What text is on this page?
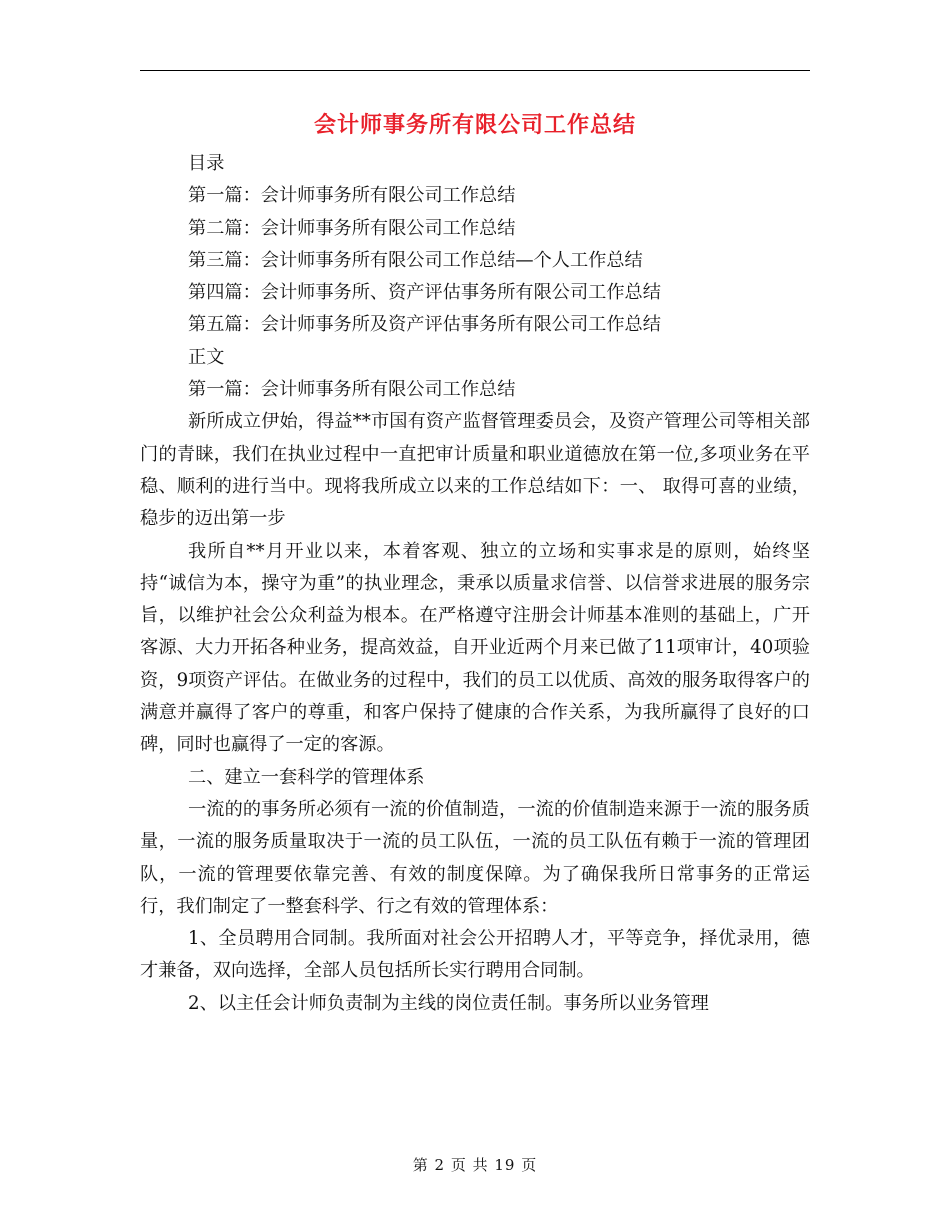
会计师事务所有限公司工作总结

目录

第一篇：会计师事务所有限公司工作总结

第二篇：会计师事务所有限公司工作总结

第三篇：会计师事务所有限公司工作总结—个人工作总结

第四篇：会计师事务所、资产评估事务所有限公司工作总结

第五篇：会计师事务所及资产评估事务所有限公司工作总结

正文

第一篇：会计师事务所有限公司工作总结

新所成立伊始，得益**市国有资产监督管理委员会，及资产管理公司等相关部门的青睐，我们在执业过程中一直把审计质量和职业道德放在第一位,多项业务在平稳、顺利的进行当中。现将我所成立以来的工作总结如下：一、 取得可喜的业绩，稳步的迈出第一步

我所自**月开业以来，本着客观、独立的立场和实事求是的原则，始终坚持“诚信为本，操守为重”的执业理念，秉承以质量求信誉、以信誉求进展的服务宗旨，以维护社会公众利益为根本。在严格遵守注册会计师基本准则的基础上，广开客源、大力开拓各种业务，提高效益，自开业近两个月来已做了11项审计，40项验资，9项资产评估。在做业务的过程中，我们的员工以优质、高效的服务取得客户的满意并赢得了客户的尊重，和客户保持了健康的合作关系，为我所赢得了良好的口碑，同时也赢得了一定的客源。

二、建立一套科学的管理体系

一流的的事务所必须有一流的价值制造，一流的价值制造来源于一流的服务质量，一流的服务质量取决于一流的员工队伍，一流的员工队伍有赖于一流的管理团队，一流的管理要依靠完善、有效的制度保障。为了确保我所日常事务的正常运行，我们制定了一整套科学、行之有效的管理体系：

1、全员聘用合同制。我所面对社会公开招聘人才，平等竞争，择优录用，德才兼备，双向选择，全部人员包括所长实行聘用合同制。

2、以主任会计师负责制为主线的岗位责任制。事务所以业务管理

第 2 页 共 19 页
